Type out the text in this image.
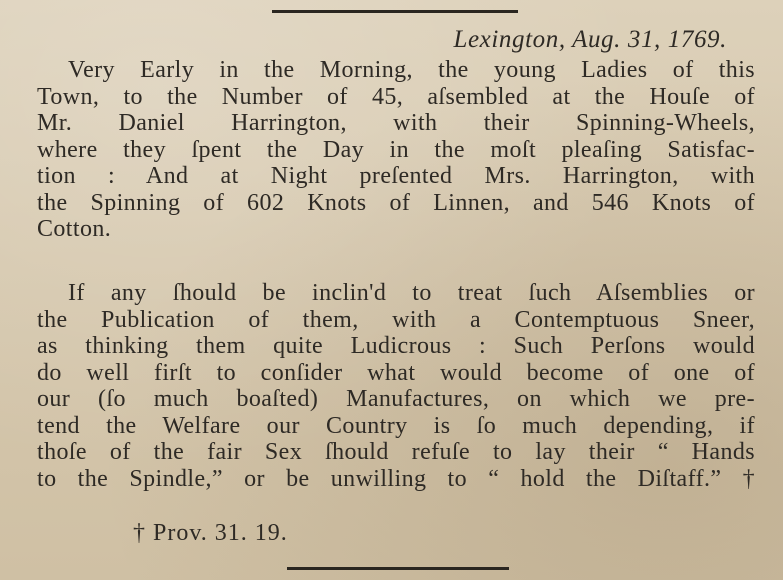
Lexington, Aug. 31, 1769.
Very Early in the Morning, the young Ladies of this
Town, to the Number of 45, aſsembled at the Houſe of
Mr. Daniel Harrington, with their Spinning-Wheels,
where they ſpent the Day in the moſt pleaſing Satisfac-
tion : And at Night preſented Mrs. Harrington, with
the Spinning of 602 Knots of Linnen, and 546 Knots of
Cotton.
If any ſhould be inclin'd to treat ſuch Aſsemblies or
the Publication of them, with a Contemptuous Sneer,
as thinking them quite Ludicrous : Such Perſons would
do well firſt to conſider what would become of one of
our (ſo much boaſted) Manufactures, on which we pre-
tend the Welfare our Country is ſo much depending, if
thoſe of the fair Sex ſhould refuſe to lay their “ Hands
to the Spindle,” or be unwilling to “ hold the Diſtaff.” †
† Prov. 31. 19.
